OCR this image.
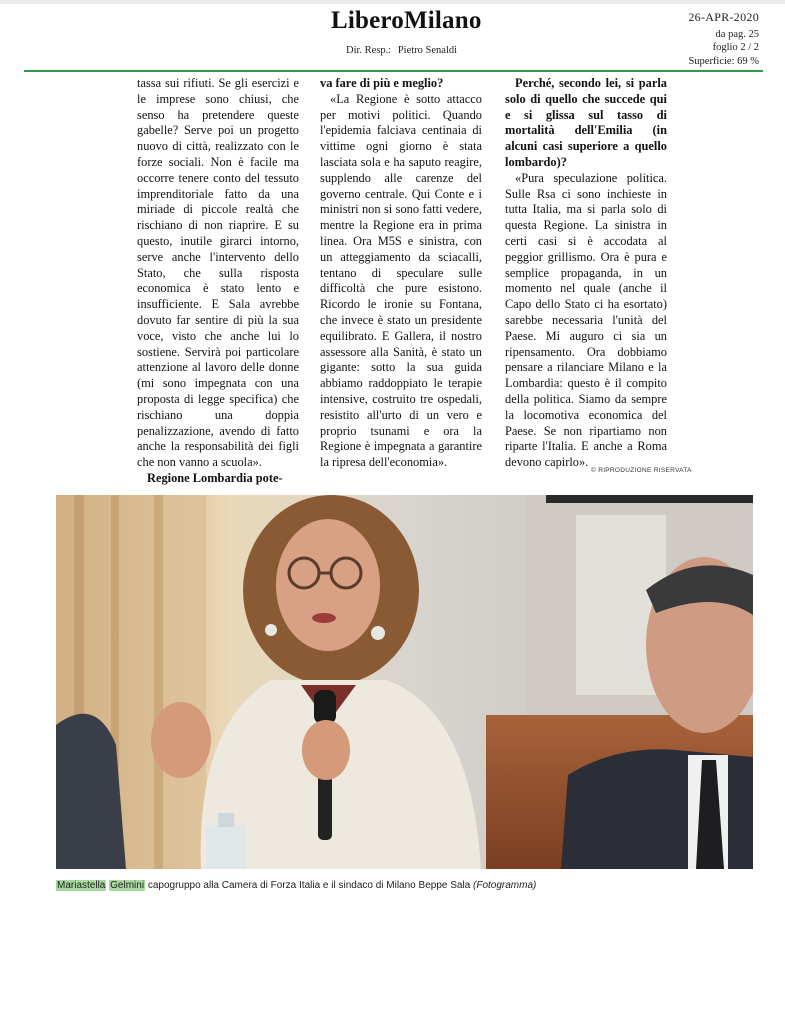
LiberoMilano
Dir. Resp.: Pietro Senaldi
26-APR-2020
da pag. 25
foglio 2 / 2
Superficie: 69 %

tassa sui rifiuti. Se gli esercizi e le imprese sono chiusi, che senso ha pretendere queste gabelle? Serve poi un progetto nuovo di città, realizzato con le forze sociali. Non è facile ma occorre tenere conto del tessuto imprenditoriale fatto da una miriade di piccole realtà che rischiano di non riaprire. E su questo, inutile girarci intorno, serve anche l'intervento dello Stato, che sulla risposta economica è stato lento e insufficiente. E Sala avrebbe dovuto far sentire di più la sua voce, visto che anche lui lo sostiene. Servirà poi particolare attenzione al lavoro delle donne (mi sono impegnata con una proposta di legge specifica) che rischiano una doppia penalizzazione, avendo di fatto anche la responsabilità dei figli che non vanno a scuola».

Regione Lombardia pote-

va fare di più e meglio?

«La Regione è sotto attacco per motivi politici. Quando l'epidemia falciava centinaia di vittime ogni giorno è stata lasciata sola e ha saputo reagire, supplendo alle carenze del governo centrale. Qui Conte e i ministri non si sono fatti vedere, mentre la Regione era in prima linea. Ora M5S e sinistra, con un atteggiamento da sciacalli, tentano di speculare sulle difficoltà che pure esistono. Ricordo le ironie su Fontana, che invece è stato un presidente equilibrato. E Gallera, il nostro assessore alla Sanità, è stato un gigante: sotto la sua guida abbiamo raddoppiato le terapie intensive, costruito tre ospedali, resistito all'urto di un vero e proprio tsunami e ora la Regione è impegnata a garantire la ripresa dell'economia».

Perché, secondo lei, si parla solo di quello che succede qui e si glissa sul tasso di mortalità dell'Emilia (in alcuni casi superiore a quello lombardo)?

«Pura speculazione politica. Sulle Rsa ci sono inchieste in tutta Italia, ma si parla solo di questa Regione. La sinistra in certi casi si è accodata al peggior grillismo. Ora è pura e semplice propaganda, in un momento nel quale (anche il Capo dello Stato ci ha esortato) sarebbe necessaria l'unità del Paese. Mi auguro ci sia un ripensamento. Ora dobbiamo pensare a rilanciare Milano e la Lombardia: questo è il compito della politica. Siamo da sempre la locomotiva economica del Paese. Se non ripartiamo non riparte l'Italia. E anche a Roma devono capirlo».

© RIPRODUZIONE RISERVATA
Mariastella Gelmini capogruppo alla Camera di Forza Italia e il sindaco di Milano Beppe Sala (Fotogramma)
